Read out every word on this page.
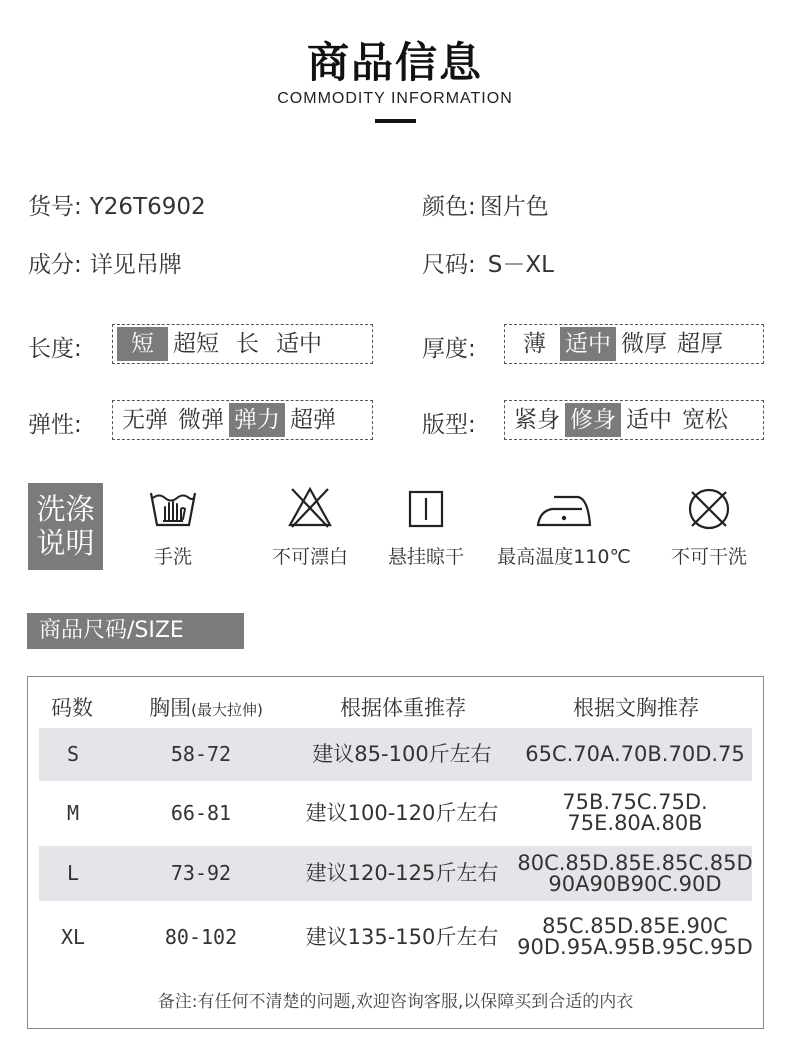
商品信息
COMMODITY INFORMATION
货号: Y26T6902	颜色: 图片色
成分: 详见吊牌	尺码: S－XL
长度:	短 超短 长 适中	厚度:	薄 适中 微厚 超厚
弹性: 无弹 微弹 弹力 超弹	版型: 紧身 修身 适中 宽松
洗涤
说明	手洗	不可漂白	悬挂晾干	最高温度110℃	不可干洗
商品尺码/SIZE
码数	胸围(最大拉伸)	根据体重推荐	根据文胸推荐
S	58-72	建议85-100斤左右	65C.70A.70B.70D.75
M	66-81	建议100-120斤左右	75B.75C.75D.
75E.80A.80B
L	73-92	建议120-125斤左右 80C.85D.85E.85C.85D
90A90B90C.90D
XL	80-102	建议135-150斤左右	85C.85D.85E.90C
90D.95A.95B.95C.95D
备注:有任何不清楚的问题,欢迎咨询客服,以保障买到合适的内衣
